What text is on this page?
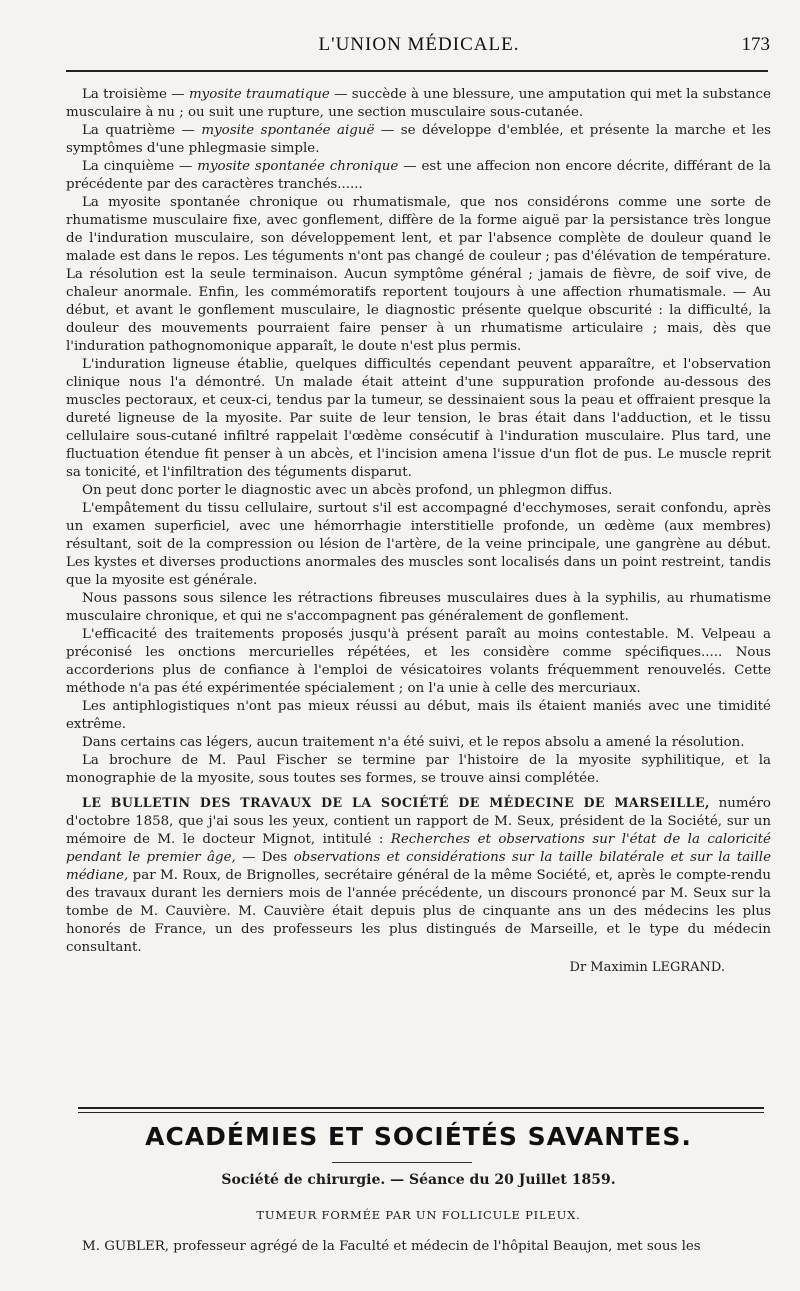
L'UNION MÉDICALE.	173

La troisième — myosite traumatique — succède à une blessure, une amputation qui met la substance musculaire à nu ; ou suit une rupture, une section musculaire sous-cutanée.

La quatrième — myosite spontanée aiguë — se développe d'emblée, et présente la marche et les symptômes d'une phlegmasie simple.

La cinquième — myosite spontanée chronique — est une affecion non encore décrite, différant de la précédente par des caractères tranchés......

La myosite spontanée chronique ou rhumatismale, que nos considérons comme une sorte de rhumatisme musculaire fixe, avec gonflement, diffère de la forme aiguë par la persistance très longue de l'induration musculaire, son développement lent, et par l'absence complète de douleur quand le malade est dans le repos. Les téguments n'ont pas changé de couleur ; pas d'élévation de température. La résolution est la seule terminaison. Aucun symptôme général ; jamais de fièvre, de soif vive, de chaleur anormale. Enfin, les commémoratifs reportent toujours à une affection rhumatismale. — Au début, et avant le gonflement musculaire, le diagnostic présente quelque obscurité : la difficulté, la douleur des mouvements pourraient faire penser à un rhumatisme articulaire ; mais, dès que l'induration pathognomonique apparaît, le doute n'est plus permis.

L'induration ligneuse établie, quelques difficultés cependant peuvent apparaître, et l'observation clinique nous l'a démontré. Un malade était atteint d'une suppuration profonde au-dessous des muscles pectoraux, et ceux-ci, tendus par la tumeur, se dessinaient sous la peau et offraient presque la dureté ligneuse de la myosite. Par suite de leur tension, le bras était dans l'adduction, et le tissu cellulaire sous-cutané infiltré rappelait l'œdème consécutif à l'induration musculaire. Plus tard, une fluctuation étendue fit penser à un abcès, et l'incision amena l'issue d'un flot de pus. Le muscle reprit sa tonicité, et l'infiltration des téguments disparut.

On peut donc porter le diagnostic avec un abcès profond, un phlegmon diffus.

L'empâtement du tissu cellulaire, surtout s'il est accompagné d'ecchymoses, serait confondu, après un examen superficiel, avec une hémorrhagie interstitielle profonde, un œdème (aux membres) résultant, soit de la compression ou lésion de l'artère, de la veine principale, une gangrène au début. Les kystes et diverses productions anormales des muscles sont localisés dans un point restreint, tandis que la myosite est générale.

Nous passons sous silence les rétractions fibreuses musculaires dues à la syphilis, au rhumatisme musculaire chronique, et qui ne s'accompagnent pas généralement de gonflement.

L'efficacité des traitements proposés jusqu'à présent paraît au moins contestable. M. Velpeau a préconisé les onctions mercurielles répétées, et les considère comme spécifiques..... Nous accorderions plus de confiance à l'emploi de vésicatoires volants fréquemment renouvelés. Cette méthode n'a pas été expérimentée spécialement ; on l'a unie à celle des mercuriaux.

Les antiphlogistiques n'ont pas mieux réussi au début, mais ils étaient maniés avec une timidité extrême.

Dans certains cas légers, aucun traitement n'a été suivi, et le repos absolu a amené la résolution.

La brochure de M. Paul Fischer se termine par l'histoire de la myosite syphilitique, et la monographie de la myosite, sous toutes ses formes, se trouve ainsi complétée.

LE BULLETIN DES TRAVAUX DE LA SOCIÉTÉ DE MÉDECINE DE MARSEILLE, numéro d'octobre 1858, que j'ai sous les yeux, contient un rapport de M. Seux, président de la Société, sur un mémoire de M. le docteur Mignot, intitulé : Recherches et observations sur l'état de la caloricité pendant le premier âge, — Des observations et considérations sur la taille bilatérale et sur la taille médiane, par M. Roux, de Brignolles, secrétaire général de la même Société, et, après le compte-rendu des travaux durant les derniers mois de l'année précédente, un discours prononcé par M. Seux sur la tombe de M. Cauvière. M. Cauvière était depuis plus de cinquante ans un des médecins les plus honorés de France, un des professeurs les plus distingués de Marseille, et le type du médecin consultant.

Dr Maximin LEGRAND.

ACADÉMIES ET SOCIÉTÉS SAVANTES.
Société de chirurgie. — Séance du 20 Juillet 1859.
TUMEUR FORMÉE PAR UN FOLLICULE PILEUX.
M. GUBLER, professeur agrégé de la Faculté et médecin de l'hôpital Beaujon, met sous les
